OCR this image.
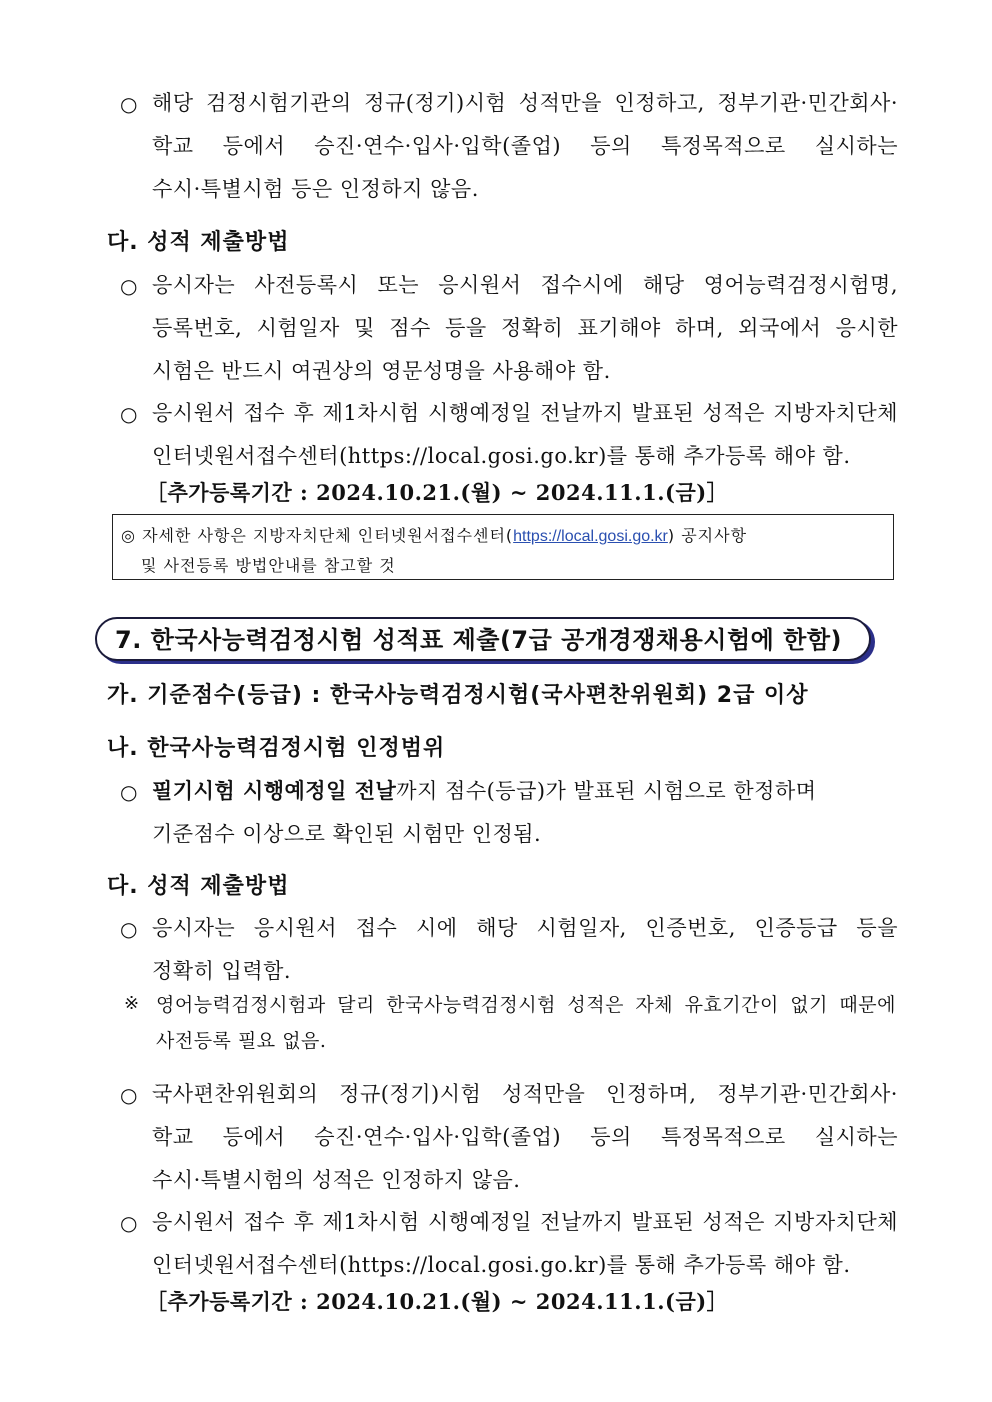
○ 해당 검정시험기관의 정규(정기)시험 성적만을 인정하고, 정부기관·민간회사·
학교 등에서 승진·연수·입사·입학(졸업) 등의 특정목적으로 실시하는
수시·특별시험 등은 인정하지 않음.
다. 성적 제출방법
○ 응시자는 사전등록시 또는 응시원서 접수시에 해당 영어능력검정시험명,
등록번호, 시험일자 및 점수 등을 정확히 표기해야 하며, 외국에서 응시한
시험은 반드시 여권상의 영문성명을 사용해야 함.
○ 응시원서 접수 후 제1차시험 시행예정일 전날까지 발표된 성적은 지방자치단체
인터넷원서접수센터(https://local.gosi.go.kr)를 통해 추가등록 해야 함.
［추가등록기간 : 2024.10.21.(월) ~ 2024.11.1.(금)］
◎ 자세한 사항은 지방자치단체 인터넷원서접수센터(https://local.gosi.go.kr) 공지사항
및 사전등록 방법안내를 참고할 것
7. 한국사능력검정시험 성적표 제출(7급 공개경쟁채용시험에 한함)
가. 기준점수(등급) : 한국사능력검정시험(국사편찬위원회) 2급 이상
나. 한국사능력검정시험 인정범위
○ 필기시험 시행예정일 전날까지 점수(등급)가 발표된 시험으로 한정하며
기준점수 이상으로 확인된 시험만 인정됨.
다. 성적 제출방법
○ 응시자는 응시원서 접수 시에 해당 시험일자, 인증번호, 인증등급 등을
정확히 입력함.
※ 영어능력검정시험과 달리 한국사능력검정시험 성적은 자체 유효기간이 없기 때문에
사전등록 필요 없음.
○ 국사편찬위원회의 정규(정기)시험 성적만을 인정하며, 정부기관·민간회사·
학교 등에서 승진·연수·입사·입학(졸업) 등의 특정목적으로 실시하는
수시·특별시험의 성적은 인정하지 않음.
○ 응시원서 접수 후 제1차시험 시행예정일 전날까지 발표된 성적은 지방자치단체
인터넷원서접수센터(https://local.gosi.go.kr)를 통해 추가등록 해야 함.
［추가등록기간 : 2024.10.21.(월) ~ 2024.11.1.(금)］
